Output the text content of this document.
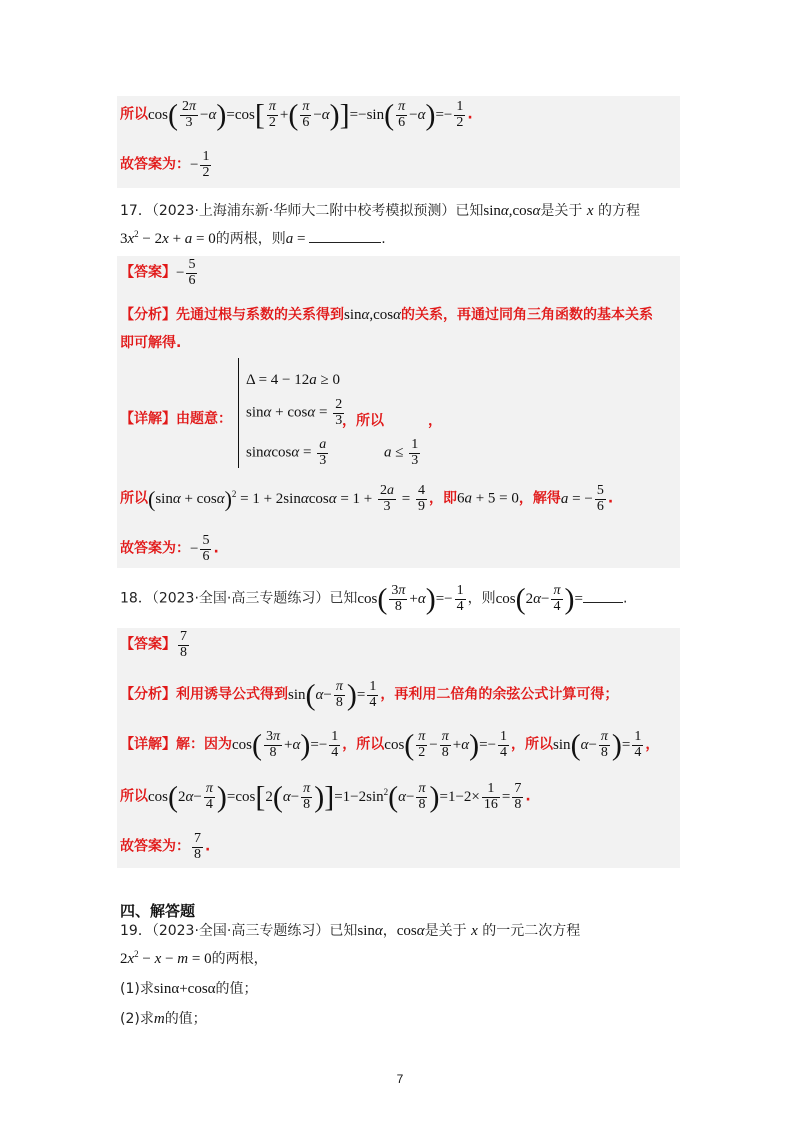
所以$\cos( \frac{2\pi}{3} -\alpha)=\cos[ \frac{\pi}{2}$ +( $\frac{\pi}{6} -\alpha)]=-\sin( \frac{\pi}{6} -\alpha)=- \frac{1}{2}$ .
故答案为：− $\frac{1}{2}$
17．（2023·上海浦东新·华师大二附中校考模拟预测）已知sinα,cosα是关于 x 的方程
$3x^2 - 2x + a = 0$的两根，则a =	.
【答案】− $\frac{5}{6}$
【分析】先通过根与系数的关系得到sinα,cosα的关系，再通过同角三角函数的基本关系
即可解得.
【详解】由题意：
Δ = 4 − 12a ≥ 0
$\sin\alpha + \cos\alpha = \frac{2}{3}$
，所以	，
$\sin\alpha\cos\alpha = \frac{a}{3}$	$a \le \frac{1}{3}$
所以$(\sin\alpha + \cos\alpha)^2 = 1 + 2\sin\alpha\cos\alpha = 1 + \frac{2a}{3} = \frac{4}{9}$ ，即6a + 5 = 0，解得a = − $\frac{5}{6}$ .
故答案为：− $\frac{5}{6}$ .
18．（2023·全国·高三专题练习）已知$\cos( \frac{3\pi}{8} +\alpha)=- \frac{1}{4}$ ，则$\cos(2\alpha- \frac{\pi}{4}$ )=	.
【答案】 $\frac{7}{8}$
【分析】利用诱导公式得到$\sin(\alpha- \frac{\pi}{8}$ )= $\frac{1}{4}$ ，再利用二倍角的余弦公式计算可得；
【详解】解：因为$\cos( \frac{3\pi}{8} +\alpha)=- \frac{1}{4}$ ，所以$\cos( \frac{\pi}{2} - \frac{\pi}{8} +\alpha)=- \frac{1}{4}$ ，所以$\sin(\alpha- \frac{\pi}{8}$ )= $\frac{1}{4}$ ，
所以$\cos(2\alpha- \frac{\pi}{4} )=\cos[2(\alpha- \frac{\pi}{8} )]=1-2\sin^2(\alpha- \frac{\pi}{8} )=1-2\times \frac{1}{16} = \frac{7}{8}$ .
故答案为： $\frac{7}{8}$ .
四、解答题
19．（2023·全国·高三专题练习）已知sinα，cosα是关于 x 的一元二次方程
$2x^2 - x - m = 0$的两根，
(1)求sinα+cosα的值；
(2)求m的值；
7
